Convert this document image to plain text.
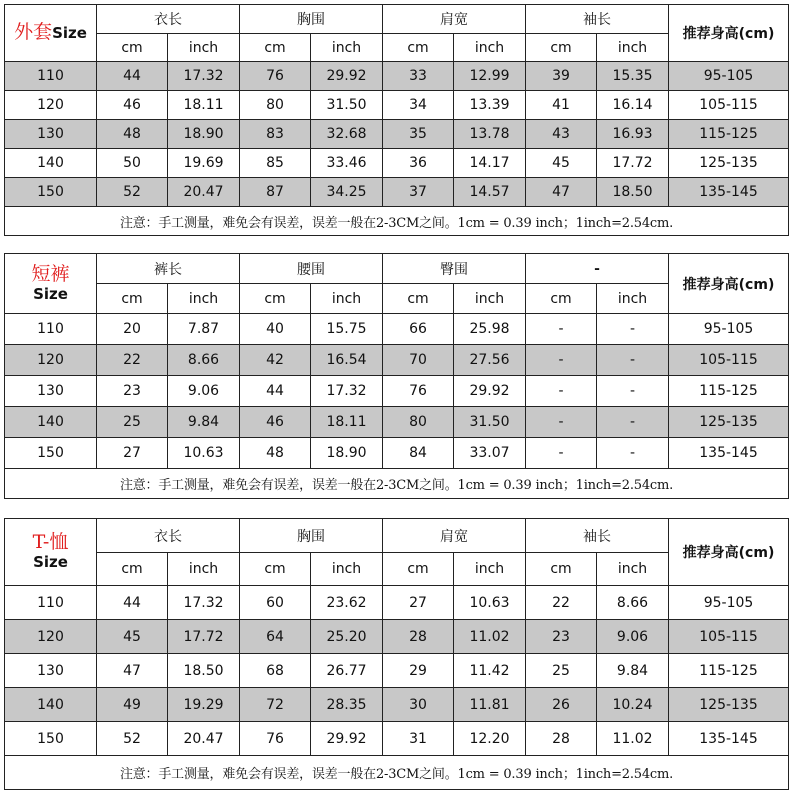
外套Size	衣长		胸围		肩宽		袖长		推荐身高(cm)
	cm	inch	cm	inch	cm	inch	cm	inch	
110	44	17.32	76	29.92	33	12.99	39	15.35	95-105
120	46	18.11	80	31.50	34	13.39	41	16.14	105-115
130	48	18.90	83	32.68	35	13.78	43	16.93	115-125
140	50	19.69	85	33.46	36	14.17	45	17.72	125-135
150	52	20.47	87	34.25	37	14.57	47	18.50	135-145
注意：手工测量，难免会有误差，误差一般在2-3CM之间。1cm = 0.39 inch；1inch=2.54cm.									
短裤
Size	裤长		腰围		臀围		-		推荐身高(cm)
	cm	inch	cm	inch	cm	inch	cm	inch	
110	20	7.87	40	15.75	66	25.98	-	-	95-105
120	22	8.66	42	16.54	70	27.56	-	-	105-115
130	23	9.06	44	17.32	76	29.92	-	-	115-125
140	25	9.84	46	18.11	80	31.50	-	-	125-135
150	27	10.63	48	18.90	84	33.07	-	-	135-145
注意：手工测量，难免会有误差，误差一般在2-3CM之间。1cm = 0.39 inch；1inch=2.54cm.									
T-恤
Size	衣长		胸围		肩宽		袖长		推荐身高(cm)
	cm	inch	cm	inch	cm	inch	cm	inch	
110	44	17.32	60	23.62	27	10.63	22	8.66	95-105
120	45	17.72	64	25.20	28	11.02	23	9.06	105-115
130	47	18.50	68	26.77	29	11.42	25	9.84	115-125
140	49	19.29	72	28.35	30	11.81	26	10.24	125-135
150	52	20.47	76	29.92	31	12.20	28	11.02	135-145
注意：手工测量，难免会有误差，误差一般在2-3CM之间。1cm = 0.39 inch；1inch=2.54cm.									
